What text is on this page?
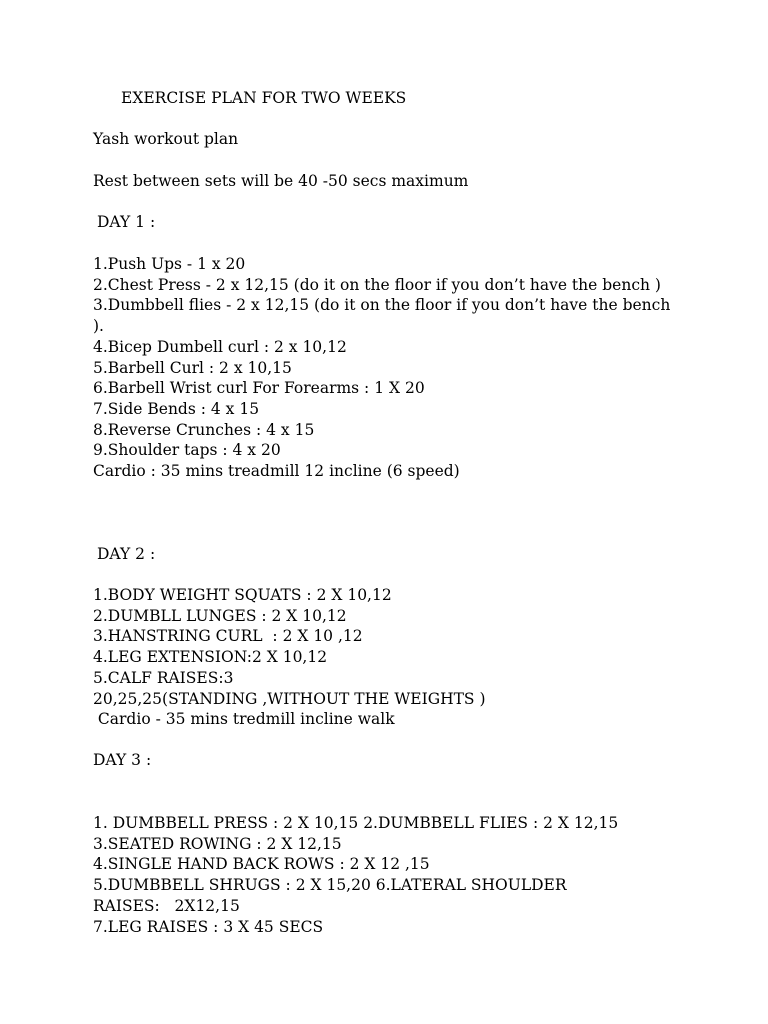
EXERCISE PLAN FOR TWO WEEKS

Yash workout plan

Rest between sets will be 40 -50 secs maximum

DAY 1 :

1.Push Ups - 1 x 20

2.Chest Press - 2 x 12,15 (do it on the floor if you don’t have the bench )

3.Dumbbell flies - 2 x 12,15 (do it on the floor if you don’t have the bench

).

4.Bicep Dumbell curl : 2 x 10,12

5.Barbell Curl : 2 x 10,15

6.Barbell Wrist curl For Forearms : 1 X 20

7.Side Bends : 4 x 15

8.Reverse Crunches : 4 x 15

9.Shoulder taps : 4 x 20

Cardio : 35 mins treadmill 12 incline (6 speed)

DAY 2 :

1.BODY WEIGHT SQUATS : 2 X 10,12

2.DUMBLL LUNGES : 2 X 10,12

3.HANSTRING CURL  : 2 X 10 ,12

4.LEG EXTENSION:2 X 10,12

5.CALF RAISES:3

20,25,25(STANDING ,WITHOUT THE WEIGHTS )

Cardio - 35 mins tredmill incline walk

DAY 3 :

1. DUMBBELL PRESS : 2 X 10,15 2.DUMBBELL FLIES : 2 X 12,15

3.SEATED ROWING : 2 X 12,15

4.SINGLE HAND BACK ROWS : 2 X 12 ,15

5.DUMBBELL SHRUGS : 2 X 15,20 6.LATERAL SHOULDER

RAISES:   2X12,15

7.LEG RAISES : 3 X 45 SECS
